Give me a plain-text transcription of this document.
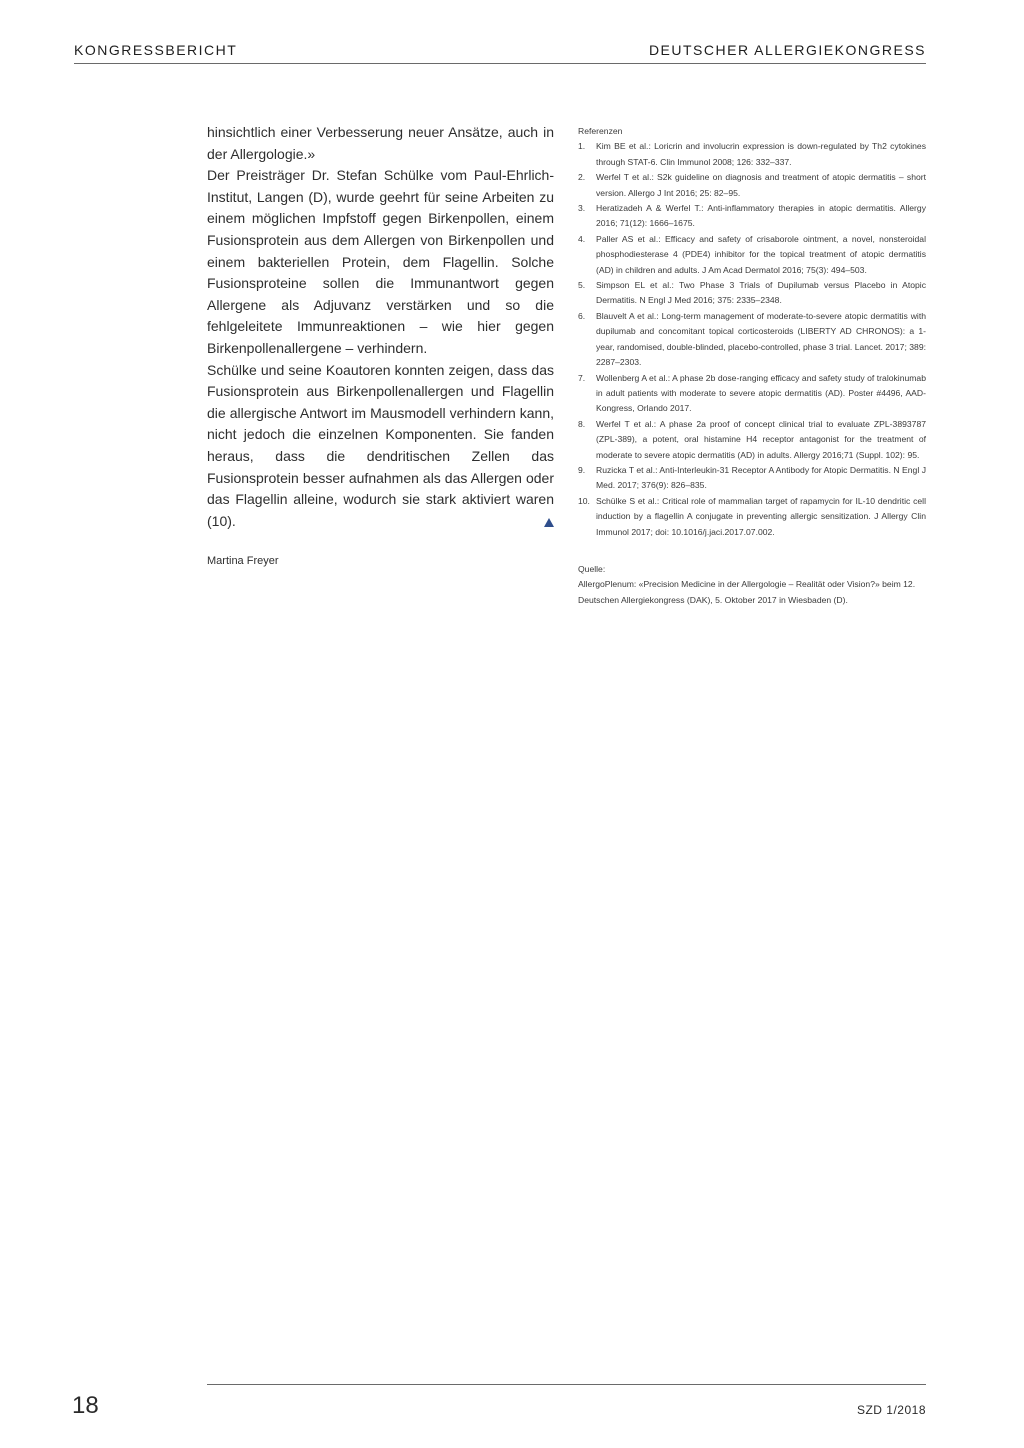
KONGRESSBERICHT	DEUTSCHER ALLERGIEKONGRESS

hinsichtlich einer Verbesserung neuer Ansätze, auch in der Allergologie.»

Der Preisträger Dr. Stefan Schülke vom Paul-Ehrlich-Institut, Langen (D), wurde geehrt für seine Arbeiten zu einem möglichen Impfstoff gegen Birkenpollen, einem Fusionsprotein aus dem Allergen von Birkenpollen und einem bakteriellen Protein, dem Flagellin. Solche Fusionsproteine sollen die Immunantwort gegen Allergene als Adjuvanz verstärken und so die fehlgeleitete Immunreaktionen – wie hier gegen Birkenpollenallergene – verhindern.

Schülke und seine Koautoren konnten zeigen, dass das Fusionsprotein aus Birkenpollenallergen und Flagellin die allergische Antwort im Mausmodell verhindern kann, nicht jedoch die einzelnen Komponenten. Sie fanden heraus, dass die dendritischen Zellen das Fusionsprotein besser aufnahmen als das Allergen oder das Flagellin alleine, wodurch sie stark aktiviert waren (10).

Martina Freyer

Referenzen
1. Kim BE et al.: Loricrin and involucrin expression is down-regulated by Th2 cytokines through STAT-6. Clin Immunol 2008; 126: 332–337.
2. Werfel T et al.: S2k guideline on diagnosis and treatment of atopic dermatitis – short version. Allergo J Int 2016; 25: 82–95.
3. Heratizadeh A & Werfel T.: Anti-inflammatory therapies in atopic dermatitis. Allergy 2016; 71(12): 1666–1675.
4. Paller AS et al.: Efficacy and safety of crisaborole ointment, a novel, nonsteroidal phosphodiesterase 4 (PDE4) inhibitor for the topical treatment of atopic dermatitis (AD) in children and adults. J Am Acad Dermatol 2016; 75(3): 494–503.
5. Simpson EL et al.: Two Phase 3 Trials of Dupilumab versus Placebo in Atopic Dermatitis. N Engl J Med 2016; 375: 2335–2348.
6. Blauvelt A et al.: Long-term management of moderate-to-severe atopic dermatitis with dupilumab and concomitant topical corticosteroids (LIBERTY AD CHRONOS): a 1-year, randomised, double-blinded, placebo-controlled, phase 3 trial. Lancet. 2017; 389: 2287–2303.
7. Wollenberg A et al.: A phase 2b dose-ranging efficacy and safety study of tralokinumab in adult patients with moderate to severe atopic dermatitis (AD). Poster #4496, AAD-Kongress, Orlando 2017.
8. Werfel T et al.: A phase 2a proof of concept clinical trial to evaluate ZPL-3893787 (ZPL-389), a potent, oral histamine H4 receptor antagonist for the treatment of moderate to severe atopic dermatitis (AD) in adults. Allergy 2016;71 (Suppl. 102): 95.
9. Ruzicka T et al.: Anti-Interleukin-31 Receptor A Antibody for Atopic Dermatitis. N Engl J Med. 2017; 376(9): 826–835.
10. Schülke S et al.: Critical role of mammalian target of rapamycin for IL-10 dendritic cell induction by a flagellin A conjugate in preventing allergic sensitization. J Allergy Clin Immunol 2017; doi: 10.1016/j.jaci.2017.07.002.

Quelle:

AllergoPlenum: «Precision Medicine in der Allergologie – Realität oder Vision?» beim 12. Deutschen Allergiekongress (DAK), 5. Oktober 2017 in Wiesbaden (D).

18	SZD 1/2018
